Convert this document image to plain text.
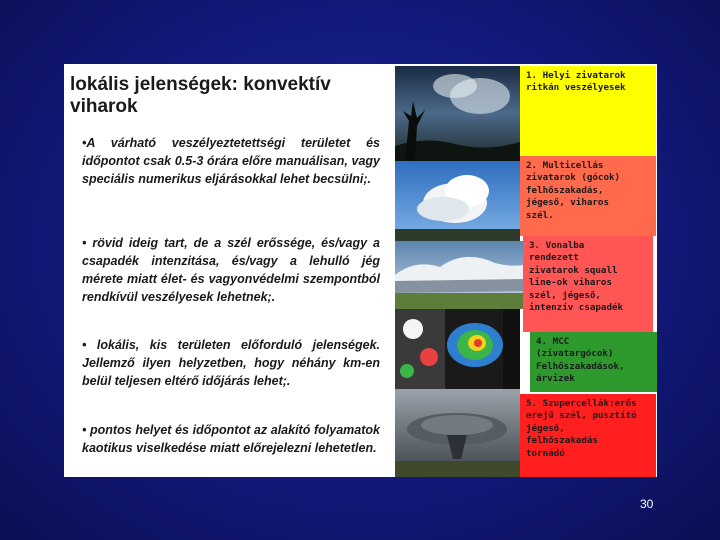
lokális jelenségek: konvektív viharok
•A várható veszélyeztetettségi területet és időpontot csak 0.5-3 órára előre manuálisan, vagy speciális numerikus eljárásokkal lehet becsülni;.
• rövid ideig tart, de a szél erőssége, és/vagy a csapadék intenzitása, és/vagy a lehulló jég mérete miatt élet- és vagyonvédelmi szempontból rendkívül veszélyesek lehetnek;.
• lokális, kis területen előforduló jelenségek. Jellemző ilyen helyzetben, hogy néhány km-en belül teljesen eltérő időjárás lehet;.
• pontos helyet és időpontot az alakító folyamatok kaotikus viselkedése miatt előrejelezni lehetetlen.
1. Helyi zivatarok
ritkán veszélyesek
2. Multicellás
zivatarok (gócok)
felhőszakadás,
jégeső, viharos
szél.
3. Vonalba
rendezett
zivatarok squall
line-ok viharos
szél, jégeső,
intenzív csapadék
4. MCC
(zivatargócok)
Felhőszakadások,
árvizek
5. Szupercellák:erős
erejű szél, pusztító
jégeső,
felhőszakadás
tornádó
30
